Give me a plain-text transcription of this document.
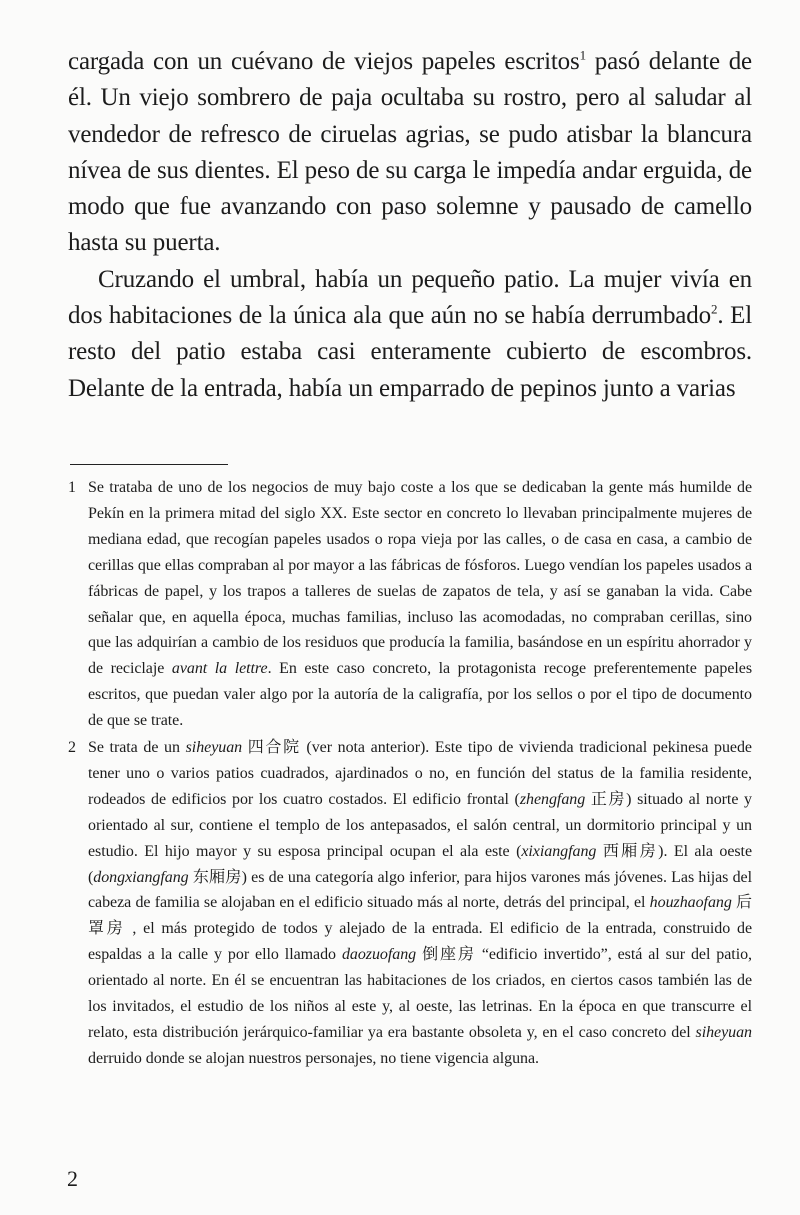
cargada con un cuévano de viejos papeles escritos$^1$ pasó delante de él. Un viejo sombrero de paja ocultaba su rostro, pero al saludar al vendedor de refresco de ciruelas agrias, se pudo atisbar la blancura nívea de sus dientes. El peso de su carga le impedía andar erguida, de modo que fue avanzando con paso solemne y pausado de camello hasta su puerta.

Cruzando el umbral, había un pequeño patio. La mujer vivía en dos habitaciones de la única ala que aún no se había derrumbado$^2$. El resto del patio estaba casi enteramente cubierto de escombros. Delante de la entrada, había un emparrado de pepinos junto a varias

1 Se trataba de uno de los negocios de muy bajo coste a los que se dedicaban la gente más humilde de Pekín en la primera mitad del siglo XX. Este sector en concreto lo llevaban principalmente mujeres de mediana edad, que recogían papeles usados o ropa vieja por las calles, o de casa en casa, a cambio de cerillas que ellas compraban al por mayor a las fábricas de fósforos. Luego vendían los papeles usados a fábricas de papel, y los trapos a talleres de suelas de zapatos de tela, y así se ganaban la vida. Cabe señalar que, en aquella época, muchas familias, incluso las acomodadas, no compraban cerillas, sino que las adquirían a cambio de los residuos que producía la familia, basándose en un espíritu ahorrador y de reciclaje avant la lettre. En este caso concreto, la protagonista recoge preferentemente papeles escritos, que puedan valer algo por la autoría de la caligrafía, por los sellos o por el tipo de documento de que se trate.
2 Se trata de un siheyuan 四合院 (ver nota anterior). Este tipo de vivienda tradicional pekinesa puede tener uno o varios patios cuadrados, ajardinados o no, en función del status de la familia residente, rodeados de edificios por los cuatro costados. El edificio frontal (zhengfang 正房) situado al norte y orientado al sur, contiene el templo de los antepasados, el salón central, un dormitorio principal y un estudio. El hijo mayor y su esposa principal ocupan el ala este (xixiangfang 西厢房). El ala oeste (dongxiangfang 东厢房) es de una categoría algo inferior, para hijos varones más jóvenes. Las hijas del cabeza de familia se alojaban en el edificio situado más al norte, detrás del principal, el houzhaofang 后罩房 , el más protegido de todos y alejado de la entrada. El edificio de la entrada, construido de espaldas a la calle y por ello llamado daozuofang 倒座房 “edificio invertido”, está al sur del patio, orientado al norte. En él se encuentran las habitaciones de los criados, en ciertos casos también las de los invitados, el estudio de los niños al este y, al oeste, las letrinas. En la época en que transcurre el relato, esta distribución jerárquico-familiar ya era bastante obsoleta y, en el caso concreto del siheyuan derruido donde se alojan nuestros personajes, no tiene vigencia alguna.
2
